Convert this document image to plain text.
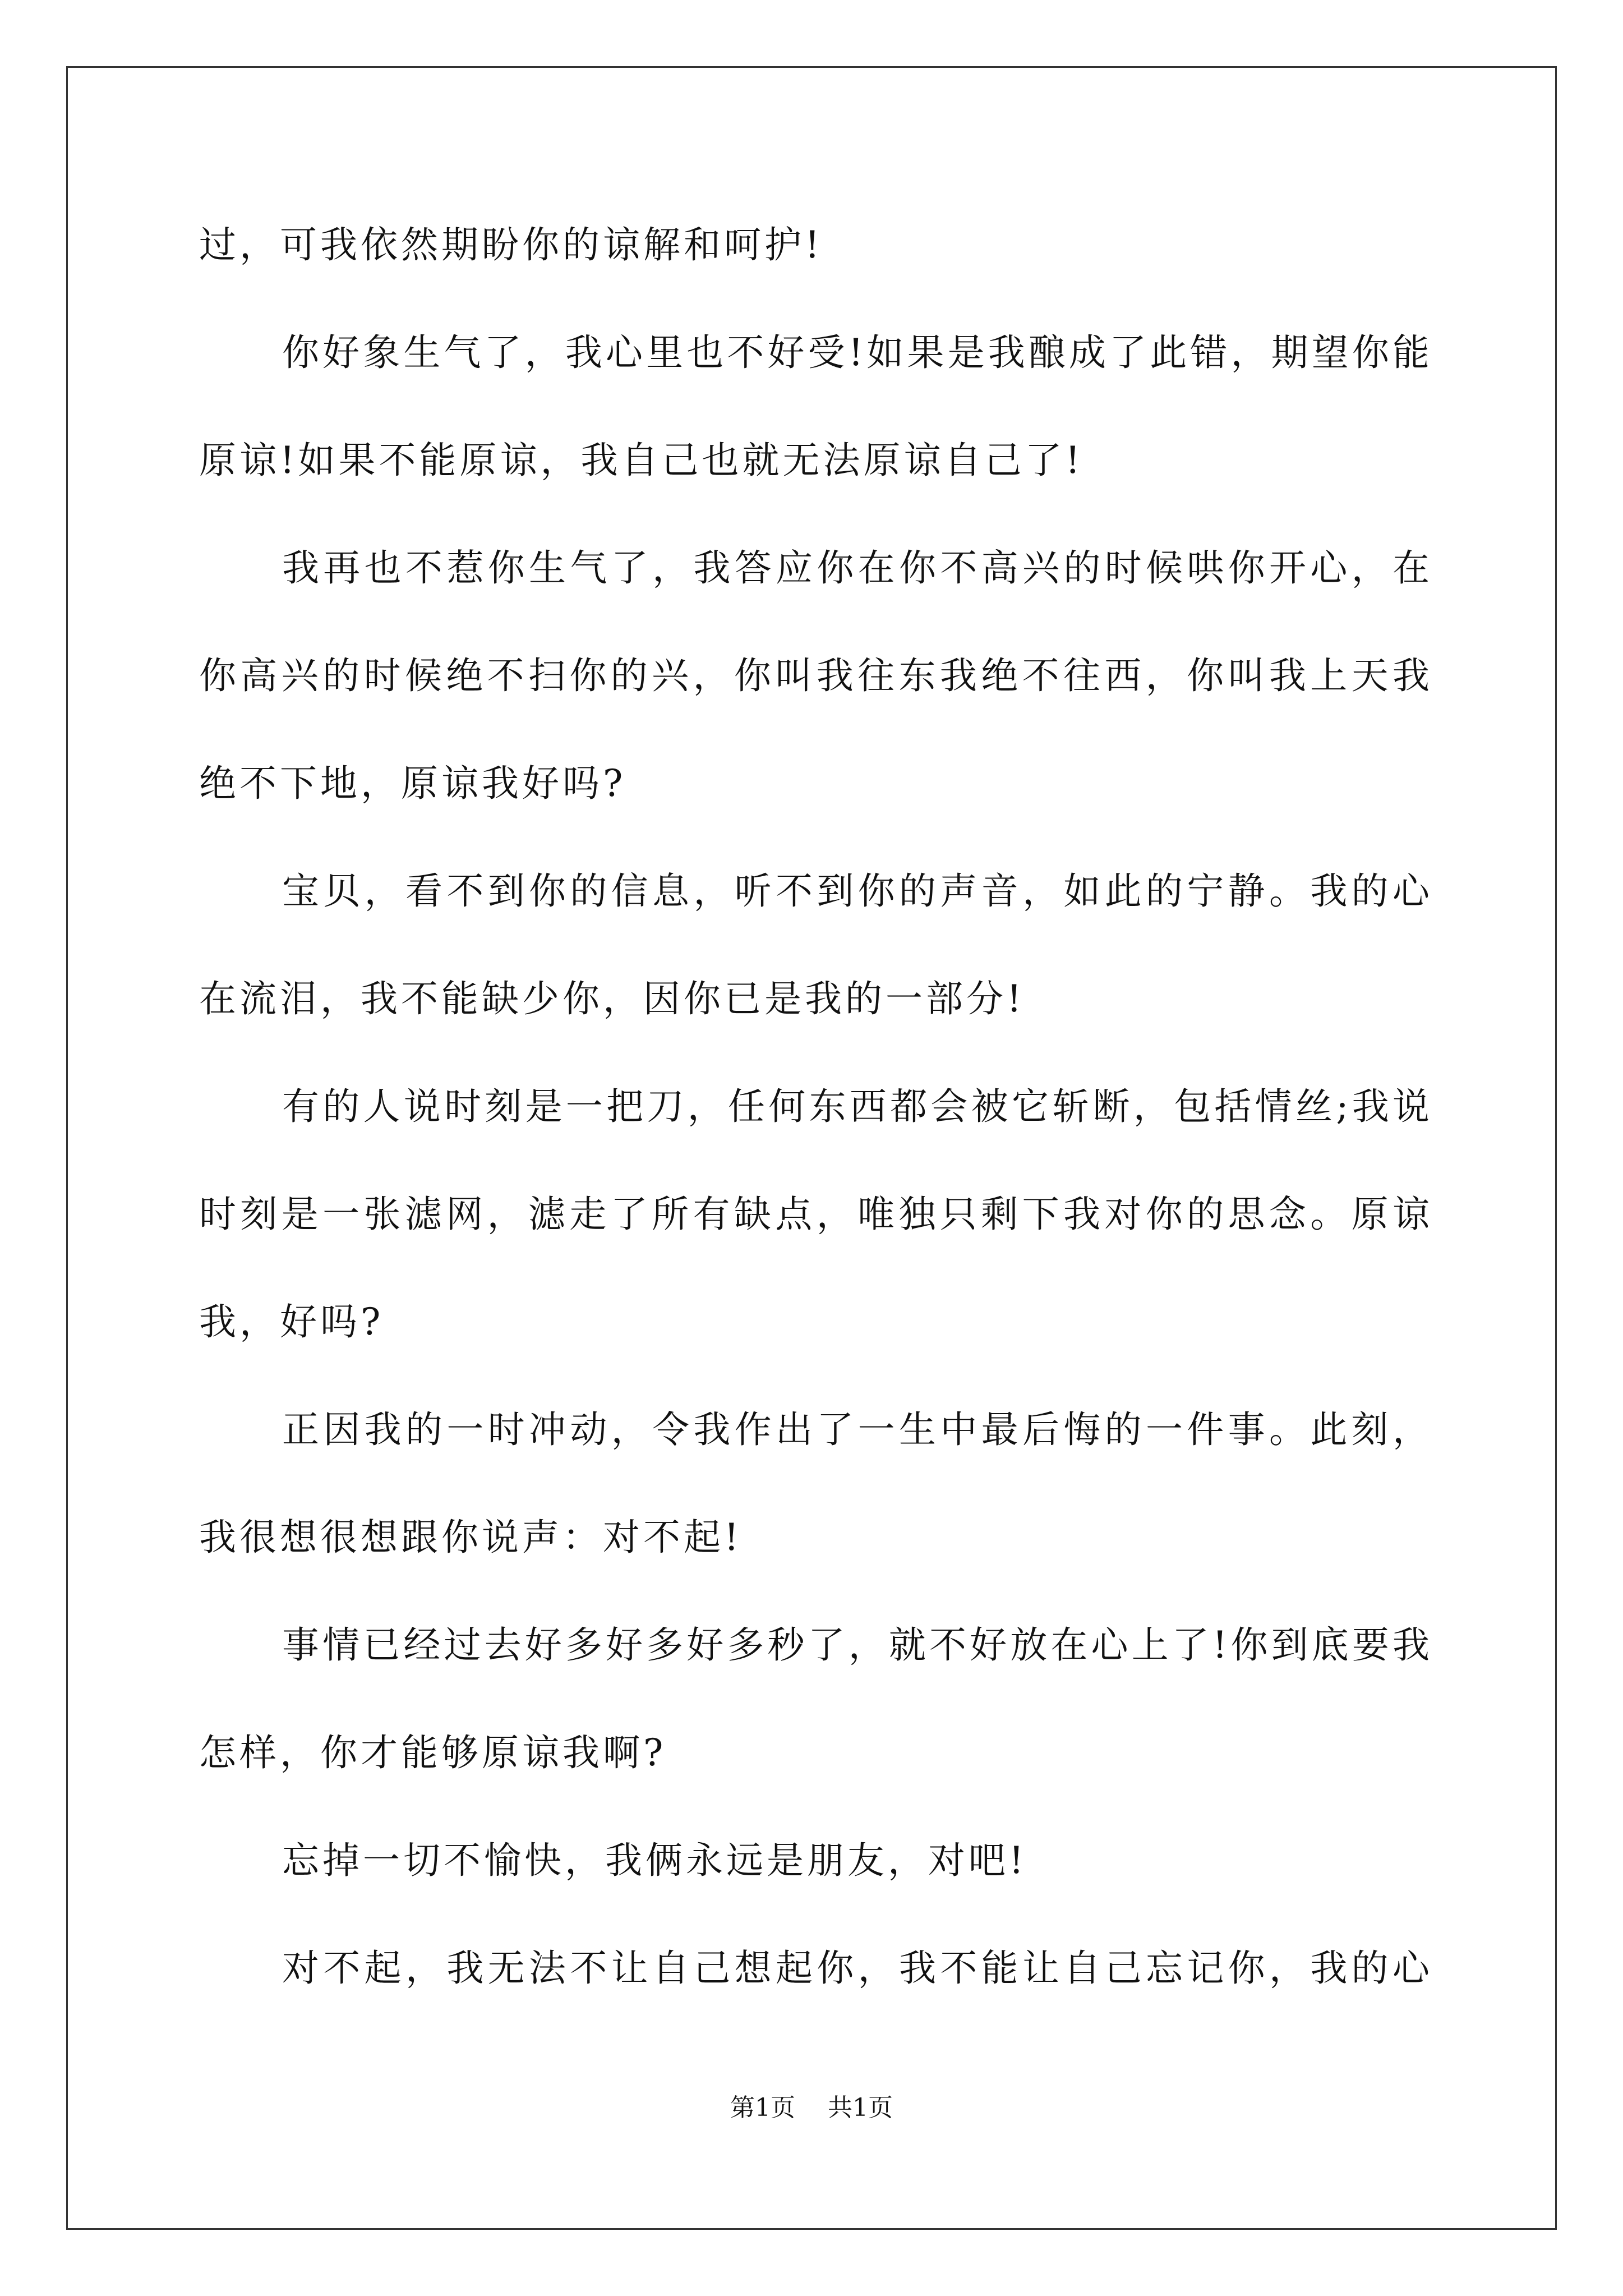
过，可我依然期盼你的谅解和呵护!
你好象生气了，我心里也不好受!如果是我酿成了此错，期望你能
原谅!如果不能原谅，我自己也就无法原谅自己了!
我再也不惹你生气了，我答应你在你不高兴的时候哄你开心，在
你高兴的时候绝不扫你的兴，你叫我往东我绝不往西，你叫我上天我
绝不下地，原谅我好吗?
宝贝，看不到你的信息，听不到你的声音，如此的宁静。我的心
在流泪，我不能缺少你，因你已是我的一部分!
有的人说时刻是一把刀，任何东西都会被它斩断，包括情丝;我说
时刻是一张滤网，滤走了所有缺点，唯独只剩下我对你的思念。原谅
我，好吗?
正因我的一时冲动，令我作出了一生中最后悔的一件事。此刻，
我很想很想跟你说声：对不起!
事情已经过去好多好多好多秒了，就不好放在心上了!你到底要我
怎样，你才能够原谅我啊?
忘掉一切不愉快，我俩永远是朋友，对吧!
对不起，我无法不让自己想起你，我不能让自己忘记你，我的心
第1页 共1页
